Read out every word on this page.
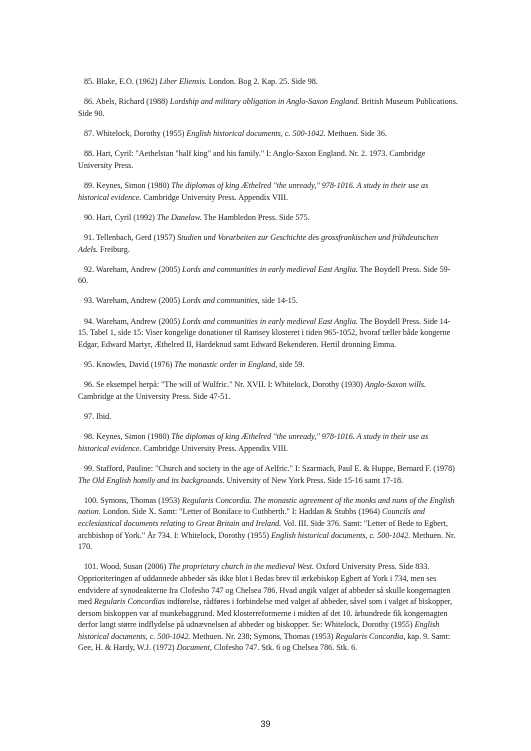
85. Blake, E.O. (1962) Liber Eliensis. London. Bog 2. Kap. 25. Side 98.

86. Abels, Richard (1988) Lordship and military obligation in Anglo-Saxon England. British Museum Publications. Side 90.

87. Whitelock, Dorothy (1955) English historical documents, c. 500-1042. Methuen. Side 36.

88. Hart, Cyril: "Aethelstan "half king" and his family." I: Anglo-Saxon England. Nr. 2. 1973. Cambridge University Press.

89. Keynes, Simon (1980) The diplomas of king Æthelred "the unready," 978-1016. A study in their use as historical evidence. Cambridge University Press. Appendix VIII.

90. Hart, Cyril (1992) The Danelaw. The Hambledon Press. Side 575.

91. Tellenbach, Gerd (1957) Studien und Vorarbeiten zur Geschichte des grossfrankischen und frühdeutschen Adels. Freiburg.

92. Wareham, Andrew (2005) Lords and communities in early medieval East Anglia. The Boydell Press. Side 59-60.

93. Wareham, Andrew (2005) Lords and communities, side 14-15.

94. Wareham, Andrew (2005) Lords and communities in early medieval East Anglia. The Boydell Press. Side 14-15. Tabel 1, side 15: Viser kongelige donationer til Ramsey klosteret i tiden 965-1052, hvoraf tæller både kongerne Edgar, Edward Martyr, Æthelred II, Hardeknud samt Edward Bekenderen. Hertil dronning Emma.

95. Knowles, David (1976) The monastic order in England, side 59.

96. Se eksempel herpå: "The will of Wulfric." Nr. XVII. I: Whitelock, Dorothy (1930) Anglo-Saxon wills. Cambridge at the University Press. Side 47-51.

97. Ibid.

98. Keynes, Simon (1980) The diplomas of king Æthelred "the unready," 978-1016. A study in their use as historical evidence. Cambridge University Press. Appendix VIII.

99. Stafford, Pauline: "Church and society in the age of Aelfric." I: Szarmach, Paul E. & Huppe, Bernard F. (1978) The Old English homily and its backgrounds. University of New York Press. Side 15-16 samt 17-18.

100. Symons, Thomas (1953) Regularis Concordia. The monastic agreement of the monks and nuns of the English nation. London. Side X. Samt: "Letter of Boniface to Cuthberth." I: Haddan & Stubbs (1964) Councils and ecclesiastical documents relating to Great Britain and Ireland. Vol. III. Side 376. Samt: "Letter of Bede to Egbert, archbishop of York." År 734. I: Whitelock, Dorothy (1955) English historical documents, c. 500-1042. Methuen. Nr. 170.

101. Wood, Susan (2006) The proprietary church in the medieval West. Oxford University Press. Side 833. Opprioriteringen af uddannede abbeder sås ikke blot i Bedas brev til ærkebiskop Egbert af York i 734, men ses endvidere af synodeakterne fra Clofesho 747 og Chelsea 786. Hvad angik valget af abbeder så skulle kongemagten med Regularis Concordias indførelse, rådføres i forbindelse med valget af abbeder, såvel som i valget af biskopper, dersom biskoppen var af munkebaggrund. Med klosterreformerne i midten af det 10. århundrede fik kongemagten derfor langt større indflydelse på udnævnelsen af abbeder og biskopper. Se: Whitelock, Dorothy (1955) English historical documents, c. 500-1042. Methuen. Nr. 238; Symons, Thomas (1953) Regularis Concordia, kap. 9. Samt: Gee, H. & Hardy, W.J. (1972) Document, Clofesho 747. Stk. 6 og Chelsea 786. Stk. 6.

39
